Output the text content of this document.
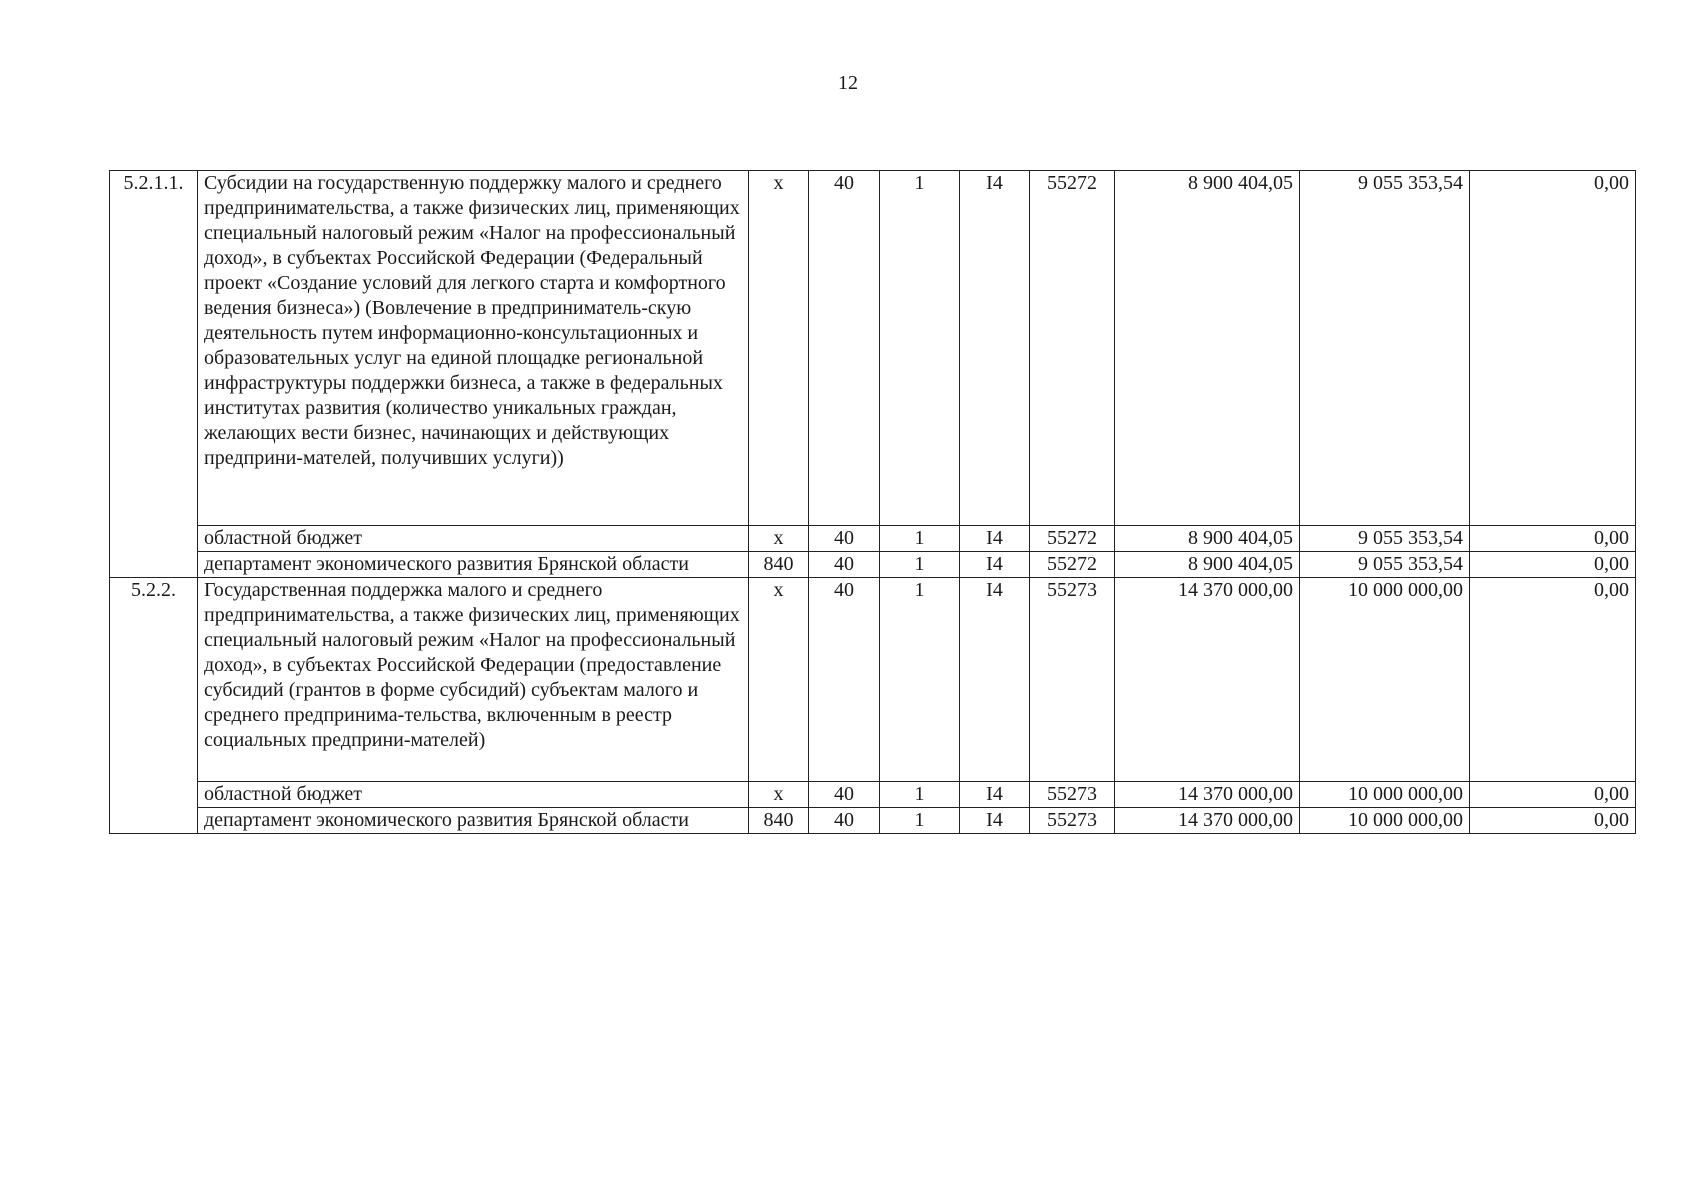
12
5.2.1.1.	Субсидии на государственную поддержку малого и среднего предпринимательства, а также физических лиц, применяющих специальный налоговый режим «Налог на профессиональный доход», в субъектах Российской Федерации (Федеральный проект «Создание условий для легкого старта и комфортного ведения бизнеса») (Вовлечение в предприниматель-скую деятельность путем информационно-консультационных и образовательных услуг на единой площадке региональной инфраструктуры поддержки бизнеса, а также в федеральных институтах развития (количество уникальных граждан, желающих вести бизнес, начинающих и действующих предприни-мателей, получивших услуги))	x	40	1	I4	55272	8 900 404,05	9 055 353,54	0,00
	областной бюджет	x	40	1	I4	55272	8 900 404,05	9 055 353,54	0,00
	департамент экономического развития Брянской области	840	40	1	I4	55272	8 900 404,05	9 055 353,54	0,00
5.2.2.	Государственная поддержка малого и среднего предпринимательства, а также физических лиц, применяющих специальный налоговый режим «Налог на профессиональный доход», в субъектах Российской Федерации (предоставление субсидий (грантов в форме субсидий) субъектам малого и среднего предпринима-тельства, включенным в реестр социальных предприни-мателей)	x	40	1	I4	55273	14 370 000,00	10 000 000,00	0,00
	областной бюджет	x	40	1	I4	55273	14 370 000,00	10 000 000,00	0,00
	департамент экономического развития Брянской области	840	40	1	I4	55273	14 370 000,00	10 000 000,00	0,00
